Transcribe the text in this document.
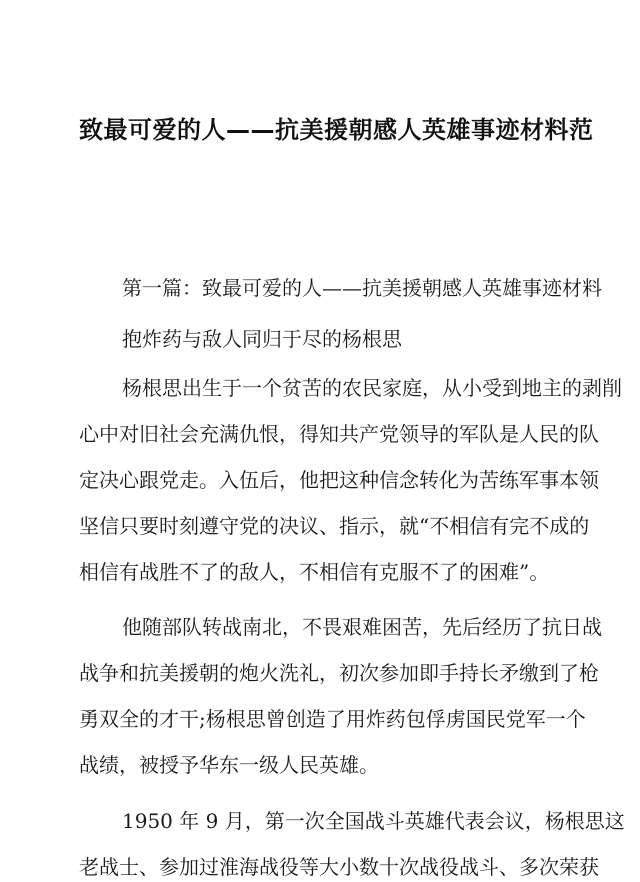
致最可爱的人——抗美援朝感人英雄事迹材料范

第一篇：致最可爱的人——抗美援朝感人英雄事迹材料

抱炸药与敌人同归于尽的杨根思

杨根思出生于一个贫苦的农民家庭，从小受到地主的剥削

心中对旧社会充满仇恨，得知共产党领导的军队是人民的队

定决心跟党走。入伍后，他把这种信念转化为苦练军事本领

坚信只要时刻遵守党的决议、指示，就“不相信有完不成的

相信有战胜不了的敌人，不相信有克服不了的困难”。

他随部队转战南北，不畏艰难困苦，先后经历了抗日战

战争和抗美援朝的炮火洗礼，初次参加即手持长矛缴到了枪

勇双全的才干;杨根思曾创造了用炸药包俘虏国民党军一个

战绩，被授予华东一级人民英雄。

1950 年 9 月，第一次全国战斗英雄代表会议，杨根思这

老战士、参加过淮海战役等大小数十次战役战斗、多次荣获
